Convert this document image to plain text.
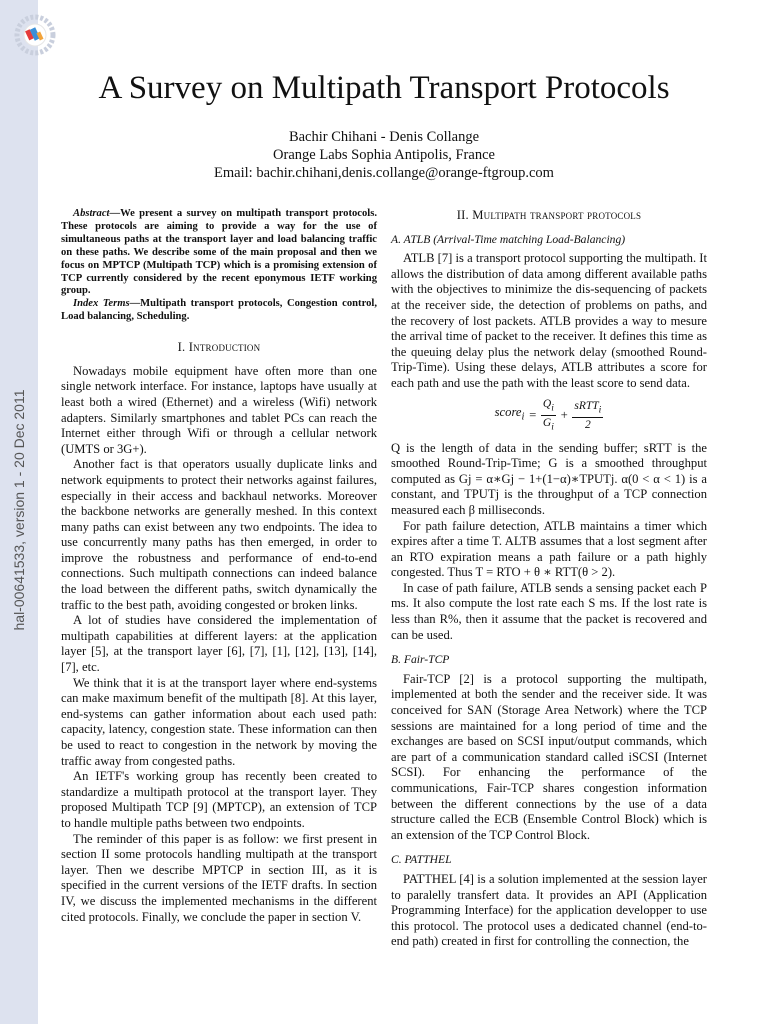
hal-00641533, version 1 - 20 Dec 2011
A Survey on Multipath Transport Protocols
Bachir Chihani - Denis Collange
Orange Labs Sophia Antipolis, France
Email: bachir.chihani,denis.collange@orange-ftgroup.com

Abstract—We present a survey on multipath transport protocols. These protocols are aiming to provide a way for the use of simultaneous paths at the transport layer and load balancing traffic on these paths. We describe some of the main proposal and then we focus on MPTCP (Multipath TCP) which is a promising extension of TCP currently considered by the recent eponymous IETF working group.

Index Terms—Multipath transport protocols, Congestion control, Load balancing, Scheduling.

I. Introduction

Nowadays mobile equipment have often more than one single network interface. For instance, laptops have usually at least both a wired (Ethernet) and a wireless (Wifi) network adapters. Similarly smartphones and tablet PCs can reach the Internet either through Wifi or through a cellular network (UMTS or 3G+).

Another fact is that operators usually duplicate links and network equipments to protect their networks against failures, especially in their access and backhaul networks. Moreover the backbone networks are generally meshed. In this context many paths can exist between any two endpoints. The idea to use concurrently many paths has then emerged, in order to improve the robustness and performance of end-to-end connections. Such multipath connections can indeed balance the load between the different paths, switch dynamically the traffic to the best path, avoiding congested or broken links.

A lot of studies have considered the implementation of multipath capabilities at different layers: at the application layer [5], at the transport layer [6], [7], [1], [12], [13], [14], [7], etc.

We think that it is at the transport layer where end-systems can make maximum benefit of the multipath [8]. At this layer, end-systems can gather information about each used path: capacity, latency, congestion state. These information can then be used to react to congestion in the network by moving the traffic away from congested paths.

An IETF's working group has recently been created to standardize a multipath protocol at the transport layer. They proposed Multipath TCP [9] (MPTCP), an extension of TCP to handle multiple paths between two endpoints.

The reminder of this paper is as follow: we first present in section II some protocols handling multipath at the transport layer. Then we describe MPTCP in section III, as it is specified in the current versions of the IETF drafts. In section IV, we discuss the implemented mechanisms in the different cited protocols. Finally, we conclude the paper in section V.

II. Multipath transport protocols
A. ATLB (Arrival-Time matching Load-Balancing)

ATLB [7] is a transport protocol supporting the multipath. It allows the distribution of data among different available paths with the objectives to minimize the dis-sequencing of packets at the receiver side, the detection of problems on paths, and the recovery of lost packets. ATLB provides a way to mesure the arrival time of packet to the receiver. It defines this time as the queuing delay plus the network delay (smoothed Round-Trip-Time). Using these delays, ATLB attributes a score for each path and use the path with the least score to send data.

score$_i$ = $\frac{Q_i}{G_i} + \frac{sRTT_i}{2}$

Q is the length of data in the sending buffer; sRTT is the smoothed Round-Trip-Time; G is a smoothed throughput computed as Gj = α∗Gj − 1+(1−α)∗TPUTj. α(0 < α < 1) is a constant, and TPUTj is the throughput of a TCP connection measured each β milliseconds.

For path failure detection, ATLB maintains a timer which expires after a time T. ALTB assumes that a lost segment after an RTO expiration means a path failure or a path highly congested. Thus T = RTO + θ ∗ RTT(θ > 2).

In case of path failure, ATLB sends a sensing packet each P ms. It also compute the lost rate each S ms. If the lost rate is less than R%, then it assume that the packet is recovered and can be used.

B. Fair-TCP

Fair-TCP [2] is a protocol supporting the multipath, implemented at both the sender and the receiver side. It was conceived for SAN (Storage Area Network) where the TCP sessions are maintained for a long period of time and the exchanges are based on SCSI input/output commands, which are part of a communication standard called iSCSI (Internet SCSI). For enhancing the performance of the communications, Fair-TCP shares congestion information between the different connections by the use of a data structure called the ECB (Ensemble Control Block) which is an extension of the TCP Control Block.

C. PATTHEL

PATTHEL [4] is a solution implemented at the session layer to paralelly transfert data. It provides an API (Application Programming Interface) for the application developper to use this protocol. The protocol uses a dedicated channel (end-to-end path) created in first for controlling the connection, the
